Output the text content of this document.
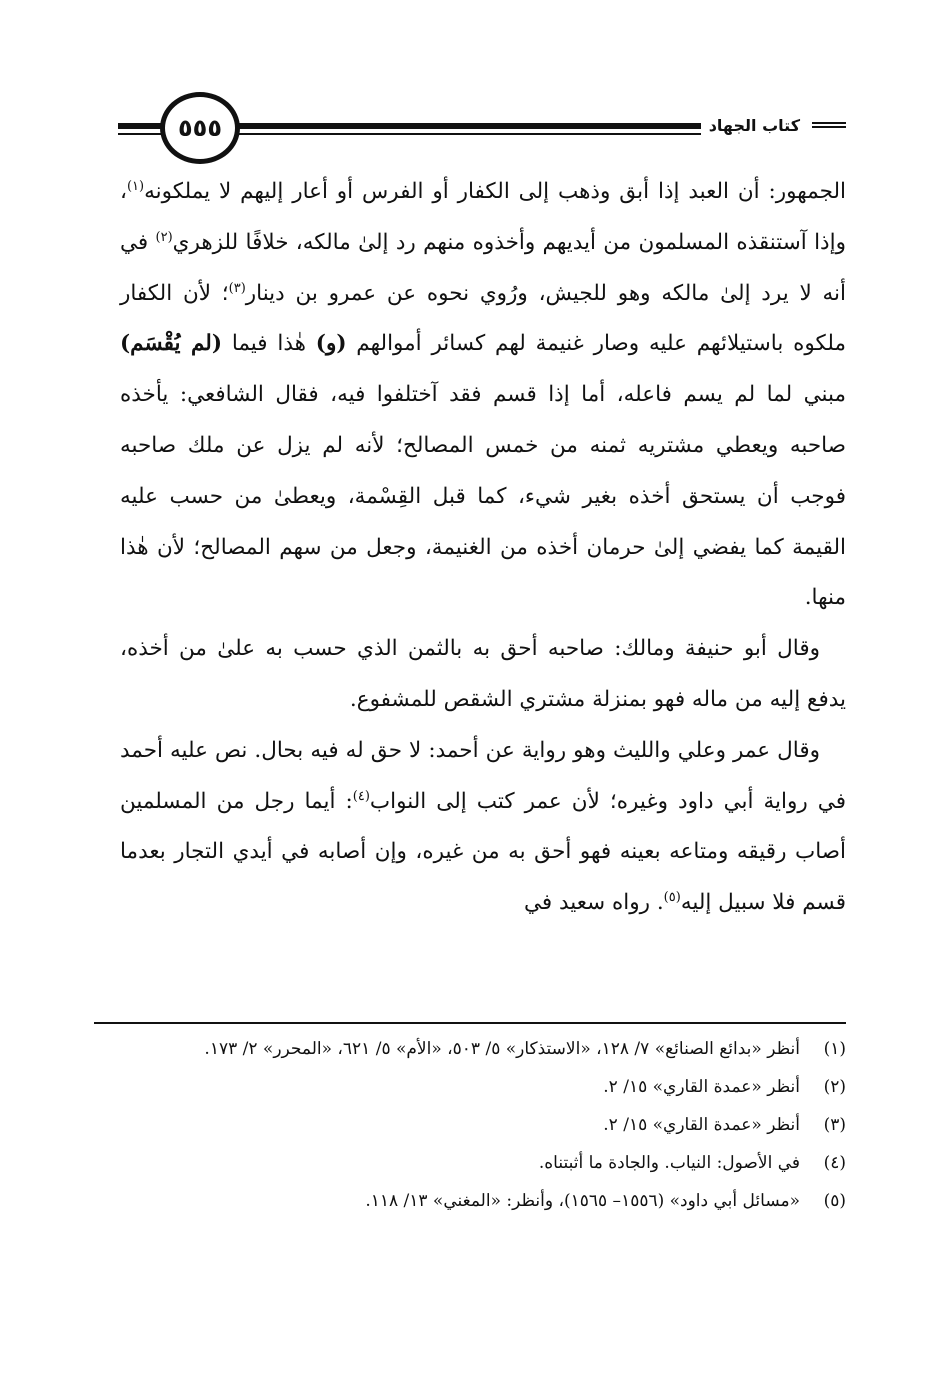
٥٥٥	كتاب الجهاد

الجمهور: أن العبد إذا أبق وذهب إلى الكفار أو الفرس أو أعار إليهم لا يملكونه$^{(١)}$، وإذا آستنقذه المسلمون من أيديهم وأخذوه منهم رد إلىٰ مالكه، خلافًا للزهري$^{(٢)}$ في أنه لا يرد إلىٰ مالكه وهو للجيش، ورُوي نحوه عن عمرو بن دينار$^{(٣)}$؛ لأن الكفار ملكوه باستيلائهم عليه وصار غنيمة لهم كسائر أموالهم (و) هٰذا فيما (لم يُقْسَم) مبني لما لم يسم فاعله، أما إذا قسم فقد آختلفوا فيه، فقال الشافعي: يأخذه صاحبه ويعطي مشتريه ثمنه من خمس المصالح؛ لأنه لم يزل عن ملك صاحبه فوجب أن يستحق أخذه بغير شيء، كما قبل القِسْمة، ويعطىٰ من حسب عليه القيمة كما يفضي إلىٰ حرمان أخذه من الغنيمة، وجعل من سهم المصالح؛ لأن هٰذا منها.

وقال أبو حنيفة ومالك: صاحبه أحق به بالثمن الذي حسب به علىٰ من أخذه، يدفع إليه من ماله فهو بمنزلة مشتري الشقص للمشفوع.

وقال عمر وعلي والليث وهو رواية عن أحمد: لا حق له فيه بحال. نص عليه أحمد في رواية أبي داود وغيره؛ لأن عمر كتب إلى النواب$^{(٤)}$: أيما رجل من المسلمين أصاب رقيقه ومتاعه بعينه فهو أحق به من غيره، وإن أصابه في أيدي التجار بعدما قسم فلا سبيل إليه$^{(٥)}$. رواه سعيد في

(١)
أنظر «بدائع الصنائع» ٧/ ١٢٨، «الاستذكار» ٥/ ٥٠٣، «الأم» ٥/ ٦٢١، «المحرر» ٢/ ١٧٣.
(٢)
أنظر «عمدة القاري» ١٥/ ٢.
(٣)
أنظر «عمدة القاري» ١٥/ ٢.
(٤)
في الأصول: النياب. والجادة ما أثبتناه.
(٥)
«مسائل أبي داود» (١٥٥٦– ١٥٦٥)، وأنظر: «المغني» ١٣/ ١١٨.
